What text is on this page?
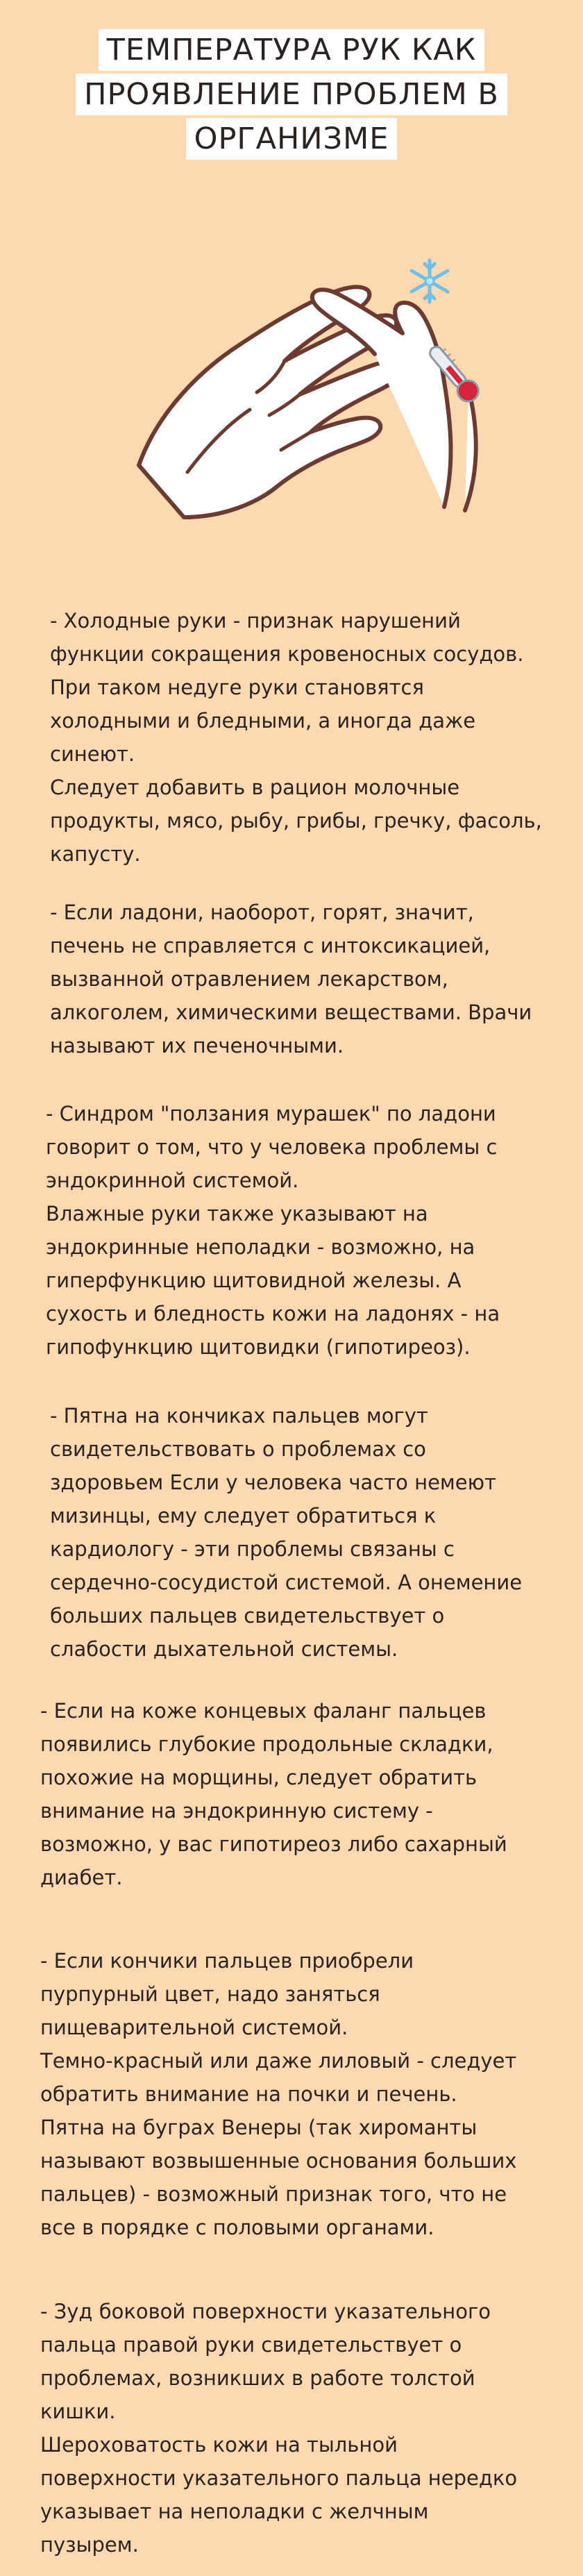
ТЕМПЕРАТУРА РУК КАК
ПРОЯВЛЕНИЕ ПРОБЛЕМ В
ОРГАНИЗМЕ

- Холодные руки - признак нарушений
функции сокращения кровеносных сосудов.
При таком недуге руки становятся
холодными и бледными, а иногда даже
синеют.

Следует добавить в рацион молочные
продукты, мясо, рыбу, грибы, гречку, фасоль,
капусту.

- Если ладони, наоборот, горят, значит,
печень не справляется с интоксикацией,
вызванной отравлением лекарством,
алкоголем, химическими веществами. Врачи
называют их печеночными.

- Синдром "ползания мурашек" по ладони
говорит о том, что у человека проблемы с
эндокринной системой.

Влажные руки также указывают на
эндокринные неполадки - возможно, на
гиперфункцию щитовидной железы. А
сухость и бледность кожи на ладонях - на
гипофункцию щитовидки (гипотиреоз).

- Пятна на кончиках пальцев могут
свидетельствовать о проблемах со
здоровьем Если у человека часто немеют
мизинцы, ему следует обратиться к
кардиологу - эти проблемы связаны с
сердечно-сосудистой системой. А онемение
больших пальцев свидетельствует о
слабости дыхательной системы.

- Если на коже концевых фаланг пальцев
появились глубокие продольные складки,
похожие на морщины, следует обратить
внимание на эндокринную систему -
возможно, у вас гипотиреоз либо сахарный
диабет.

- Если кончики пальцев приобрели
пурпурный цвет, надо заняться
пищеварительной системой.

Темно-красный или даже лиловый - следует
обратить внимание на почки и печень.

Пятна на буграх Венеры (так хироманты
называют возвышенные основания больших
пальцев) - возможный признак того, что не
все в порядке с половыми органами.

- Зуд боковой поверхности указательного
пальца правой руки свидетельствует о
проблемах, возникших в работе толстой
кишки.

Шероховатость кожи на тыльной
поверхности указательного пальца нередко
указывает на неполадки с желчным
пузырем.
